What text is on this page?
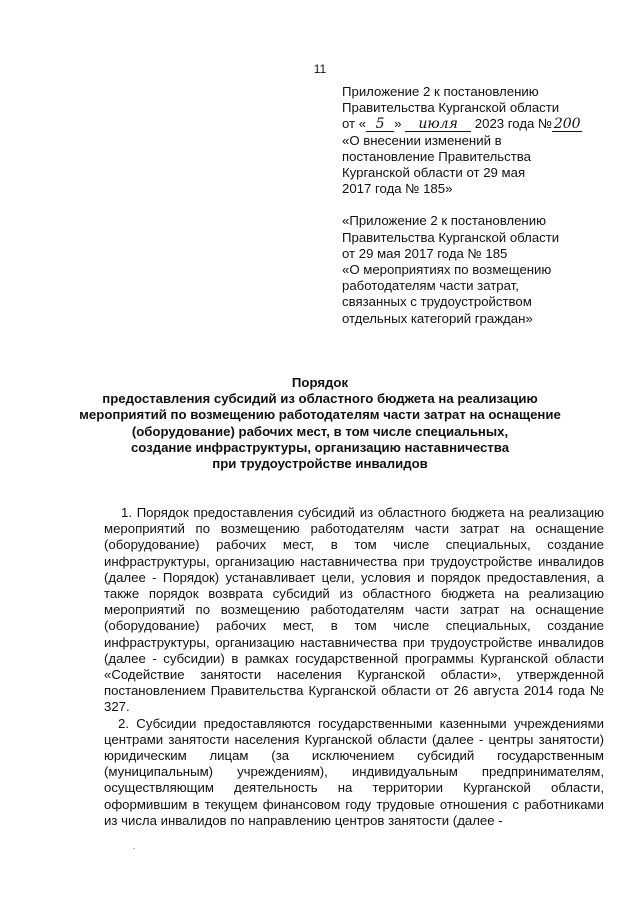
11
Приложение 2 к постановлению
Правительства Курганской области
от « 5 » июля 2023 года № 200
«О внесении изменений в
постановление Правительства
Курганской области от 29 мая
2017 года № 185»
«Приложение 2 к постановлению
Правительства Курганской области
от 29 мая 2017 года № 185
«О мероприятиях по возмещению
работодателям части затрат,
связанных с трудоустройством
отдельных категорий граждан»
Порядок
предоставления субсидий из областного бюджета на реализацию
мероприятий по возмещению работодателям части затрат на оснащение
(оборудование) рабочих мест, в том числе специальных,
создание инфраструктуры, организацию наставничества
при трудоустройстве инвалидов

1. Порядок предоставления субсидий из областного бюджета на реализацию мероприятий по возмещению работодателям части затрат на оснащение (оборудование) рабочих мест, в том числе специальных, создание инфраструктуры, организацию наставничества при трудоустройстве инвалидов (далее - Порядок) устанавливает цели, условия и порядок предоставления, а также порядок возврата субсидий из областного бюджета на реализацию мероприятий по возмещению работодателям части затрат на оснащение (оборудование) рабочих мест, в том числе специальных, создание инфраструктуры, организацию наставничества при трудоустройстве инвалидов (далее - субсидии) в рамках государственной программы Курганской области «Содействие занятости населения Курганской области», утвержденной постановлением Правительства Курганской области от 26 августа 2014 года № 327.

2. Субсидии предоставляются государственными казенными учреждениями центрами занятости населения Курганской области (далее - центры занятости) юридическим лицам (за исключением субсидий государственным (муниципальным) учреждениям), индивидуальным предпринимателям, осуществляющим деятельность на территории Курганской области, оформившим в текущем финансовом году трудовые отношения с работниками из числа инвалидов по направлению центров занятости (далее -
